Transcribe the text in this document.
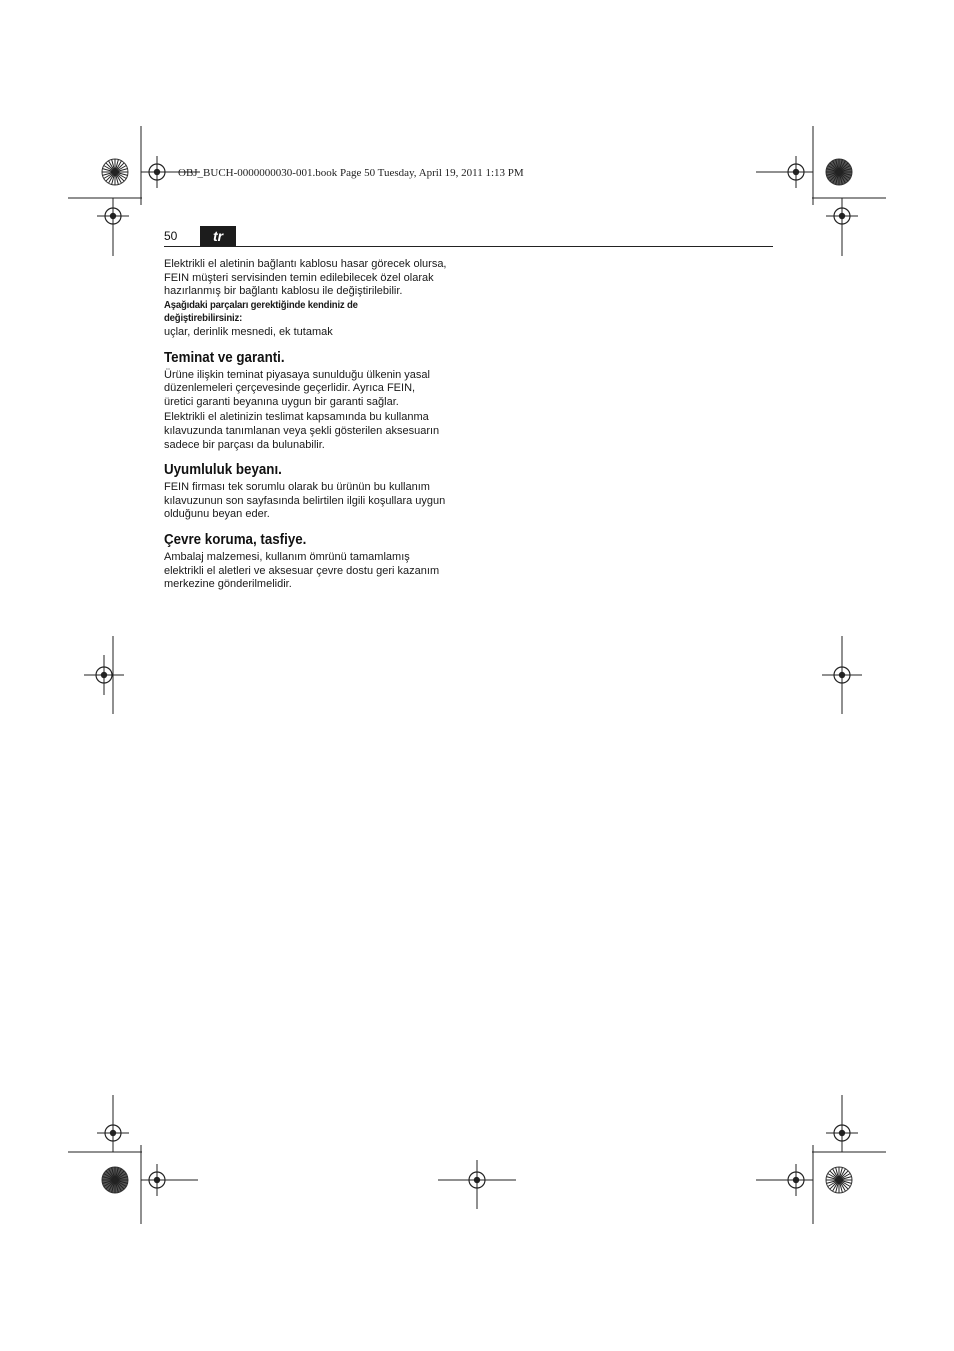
OBJ_BUCH-0000000030-001.book Page 50 Tuesday, April 19, 2011 1:13 PM
50	tr

Elektrikli el aletinin bağlantı kablosu hasar görecek olursa,
FEIN müşteri servisinden temin edilebilecek özel olarak
hazırlanmış bir bağlantı kablosu ile değiştirilebilir.

Aşağıdaki parçaları gerektiğinde kendiniz de
değiştirebilirsiniz:

uçlar, derinlik mesnedi, ek tutamak

Teminat ve garanti.

Ürüne ilişkin teminat piyasaya sunulduğu ülkenin yasal
düzenlemeleri çerçevesinde geçerlidir. Ayrıca FEIN,
üretici garanti beyanına uygun bir garanti sağlar.

Elektrikli el aletinizin teslimat kapsamında bu kullanma
kılavuzunda tanımlanan veya şekli gösterilen aksesuarın
sadece bir parçası da bulunabilir.

Uyumluluk beyanı.

FEIN firması tek sorumlu olarak bu ürünün bu kullanım
kılavuzunun son sayfasında belirtilen ilgili koşullara uygun
olduğunu beyan eder.

Çevre koruma, tasfiye.

Ambalaj malzemesi, kullanım ömrünü tamamlamış
elektrikli el aletleri ve aksesuar çevre dostu geri kazanım
merkezine gönderilmelidir.
